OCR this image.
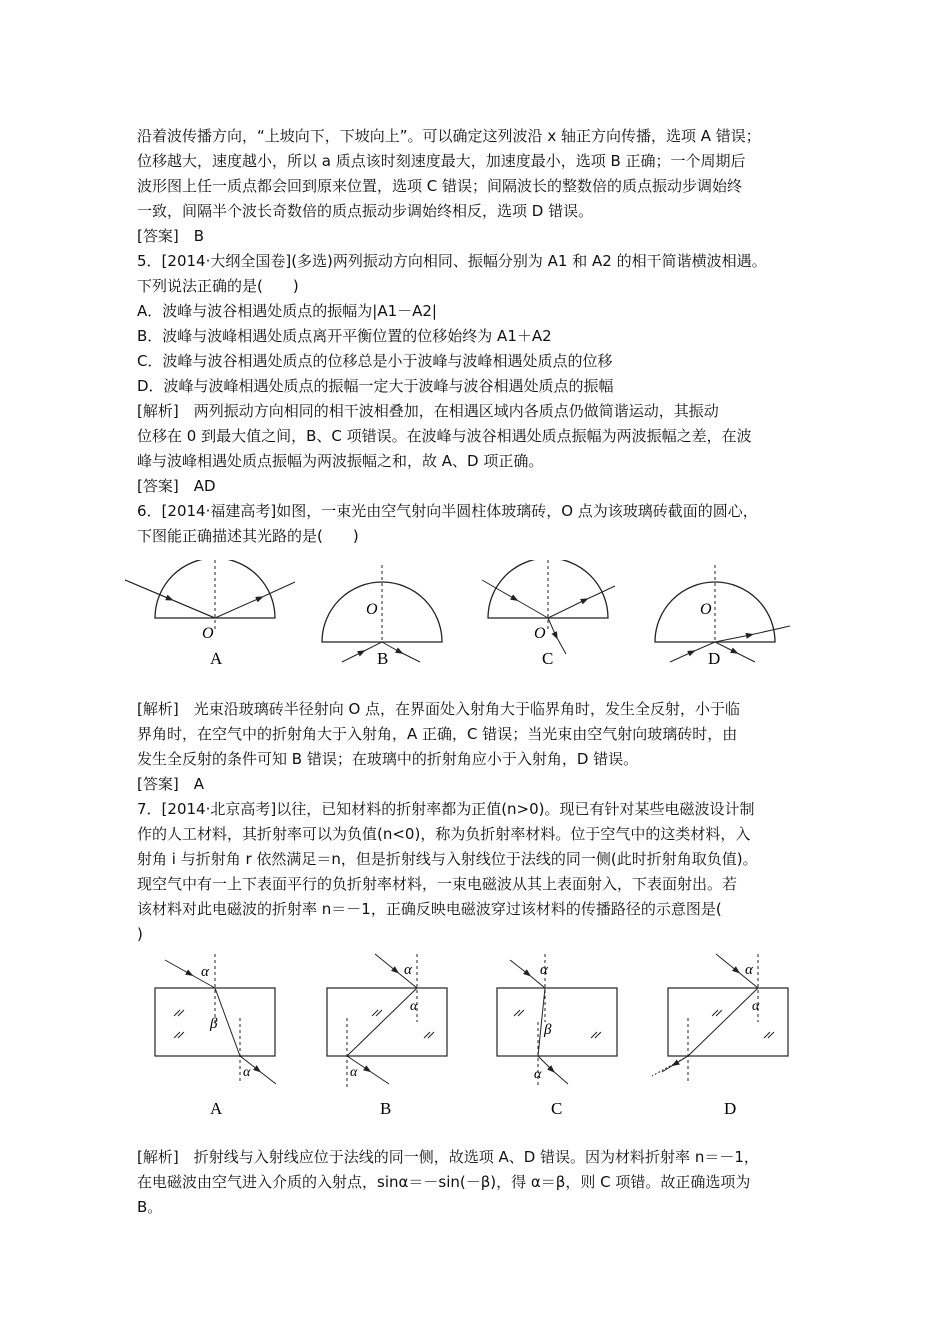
沿着波传播方向，“上坡向下，下坡向上”。可以确定这列波沿 x 轴正方向传播，选项 A 错误；
位移越大，速度越小，所以 a 质点该时刻速度最大，加速度最小，选项 B 正确；一个周期后
波形图上任一质点都会回到原来位置，选项 C 错误；间隔波长的整数倍的质点振动步调始终
一致，间隔半个波长奇数倍的质点振动步调始终相反，选项 D 错误。
[答案]　B
5．[2014·大纲全国卷](多选)两列振动方向相同、振幅分别为 A1 和 A2 的相干简谐横波相遇。
下列说法正确的是(　　)
A．波峰与波谷相遇处质点的振幅为|A1－A2|
B．波峰与波峰相遇处质点离开平衡位置的位移始终为 A1＋A2
C．波峰与波谷相遇处质点的位移总是小于波峰与波峰相遇处质点的位移
D．波峰与波峰相遇处质点的振幅一定大于波峰与波谷相遇处质点的振幅
[解析]　两列振动方向相同的相干波相叠加，在相遇区域内各质点仍做简谐运动，其振动
位移在 0 到最大值之间，B、C 项错误。在波峰与波谷相遇处质点振幅为两波振幅之差，在波
峰与波峰相遇处质点振幅为两波振幅之和，故 A、D 项正确。
[答案]　AD
6．[2014·福建高考]如图，一束光由空气射向半圆柱体玻璃砖，O 点为该玻璃砖截面的圆心，
下图能正确描述其光路的是(　　)
O
A
O
B
O
C
O
D
[解析]　光束沿玻璃砖半径射向 O 点，在界面处入射角大于临界角时，发生全反射，小于临
界角时，在空气中的折射角大于入射角，A 正确，C 错误；当光束由空气射向玻璃砖时，由
发生全反射的条件可知 B 错误；在玻璃中的折射角应小于入射角，D 错误。
[答案]　A
7．[2014·北京高考]以往，已知材料的折射率都为正值(n>0)。现已有针对某些电磁波设计制
作的人工材料，其折射率可以为负值(n<0)，称为负折射率材料。位于空气中的这类材料，入
射角 i 与折射角 r 依然满足＝n，但是折射线与入射线位于法线的同一侧(此时折射角取负值)。
现空气中有一上下表面平行的负折射率材料，一束电磁波从其上表面射入，下表面射出。若
该材料对此电磁波的折射率 n＝－1，正确反映电磁波穿过该材料的传播路径的示意图是(
)
α
β
α
A
α
α
α
B
α
β
α
C
α
α
D
[解析]　折射线与入射线应位于法线的同一侧，故选项 A、D 错误。因为材料折射率 n＝－1，
在电磁波由空气进入介质的入射点，sinα＝－sin(－β)，得 α＝β，则 C 项错。故正确选项为
B。
